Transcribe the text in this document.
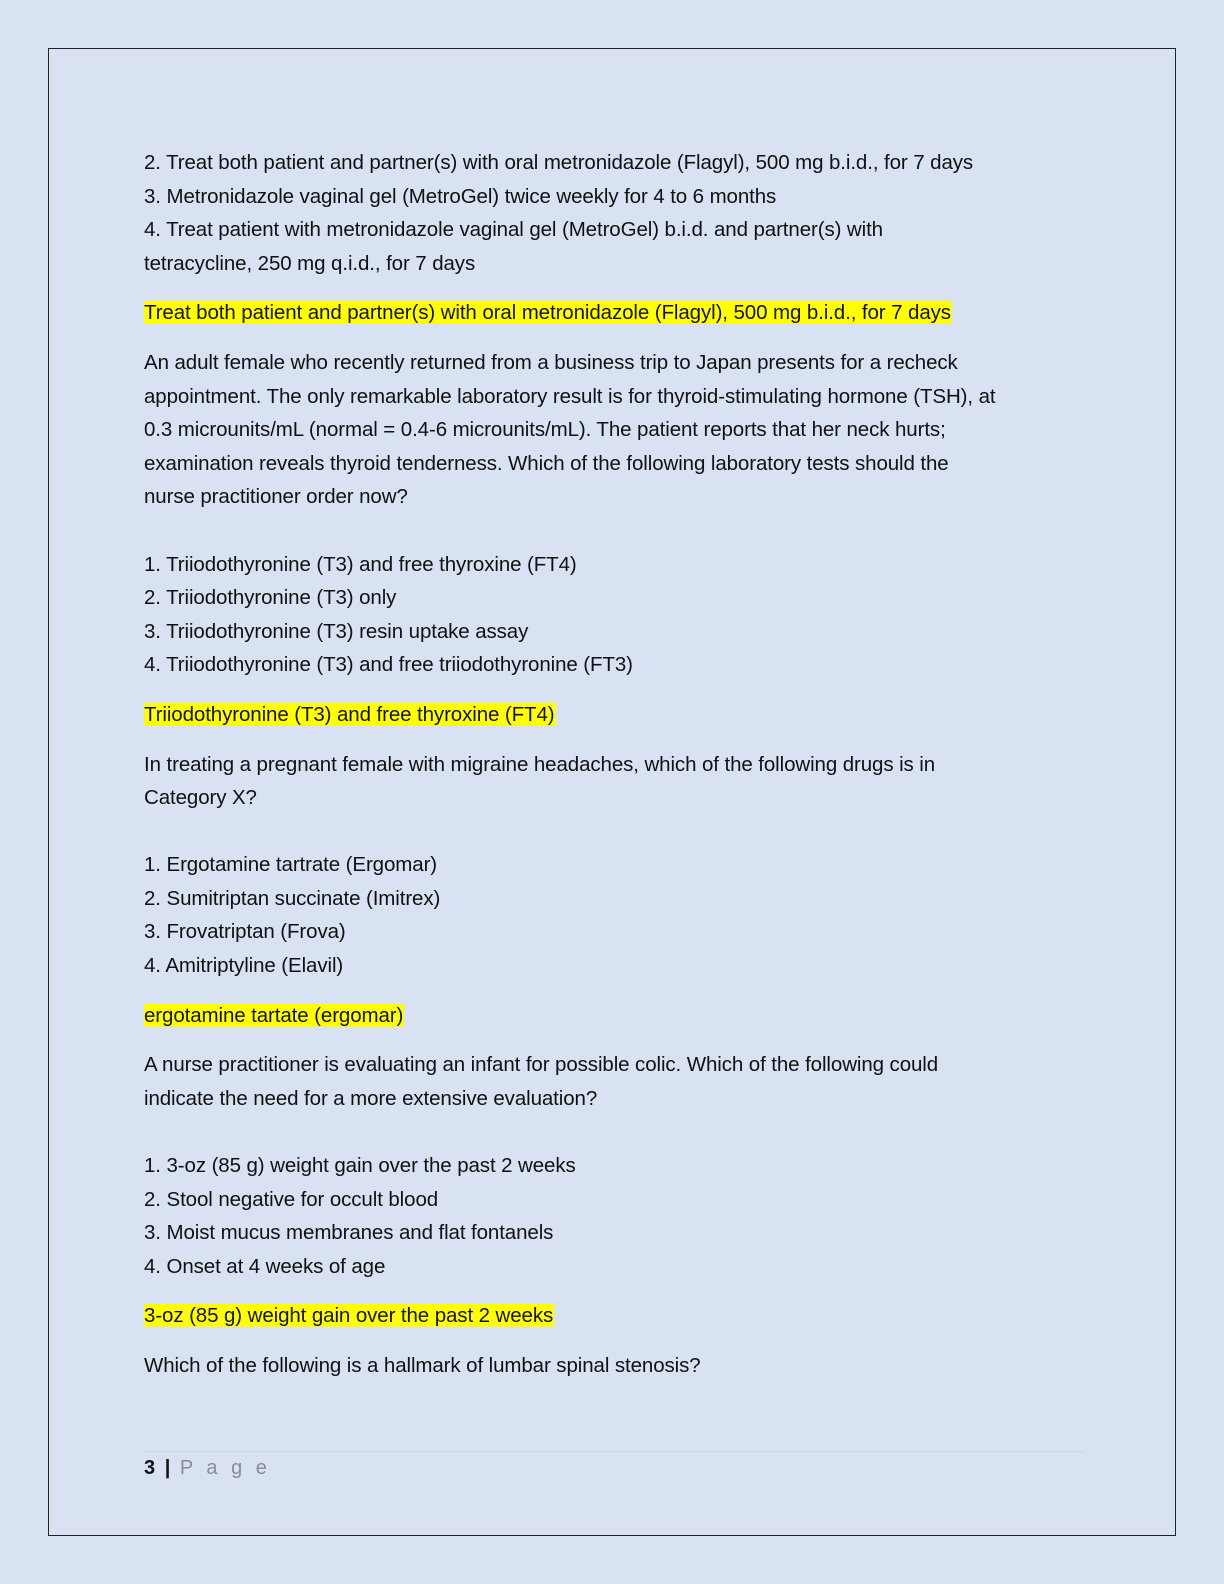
2. Treat both patient and partner(s) with oral metronidazole (Flagyl), 500 mg b.i.d., for 7 days
3. Metronidazole vaginal gel (MetroGel) twice weekly for 4 to 6 months
4. Treat patient with metronidazole vaginal gel (MetroGel) b.i.d. and partner(s) with
tetracycline, 250 mg q.i.d., for 7 days
Treat both patient and partner(s) with oral metronidazole (Flagyl), 500 mg b.i.d., for 7 days
An adult female who recently returned from a business trip to Japan presents for a recheck
appointment. The only remarkable laboratory result is for thyroid-stimulating hormone (TSH), at
0.3 microunits/mL (normal = 0.4-6 microunits/mL). The patient reports that her neck hurts;
examination reveals thyroid tenderness. Which of the following laboratory tests should the
nurse practitioner order now?
1. Triiodothyronine (T3) and free thyroxine (FT4)
2. Triiodothyronine (T3) only
3. Triiodothyronine (T3) resin uptake assay
4. Triiodothyronine (T3) and free triiodothyronine (FT3)
Triiodothyronine (T3) and free thyroxine (FT4)
In treating a pregnant female with migraine headaches, which of the following drugs is in
Category X?
1. Ergotamine tartrate (Ergomar)
2. Sumitriptan succinate (Imitrex)
3. Frovatriptan (Frova)
4. Amitriptyline (Elavil)
ergotamine tartate (ergomar)
A nurse practitioner is evaluating an infant for possible colic. Which of the following could
indicate the need for a more extensive evaluation?
1. 3-oz (85 g) weight gain over the past 2 weeks
2. Stool negative for occult blood
3. Moist mucus membranes and flat fontanels
4. Onset at 4 weeks of age
3-oz (85 g) weight gain over the past 2 weeks
Which of the following is a hallmark of lumbar spinal stenosis?
3 | P a g e
